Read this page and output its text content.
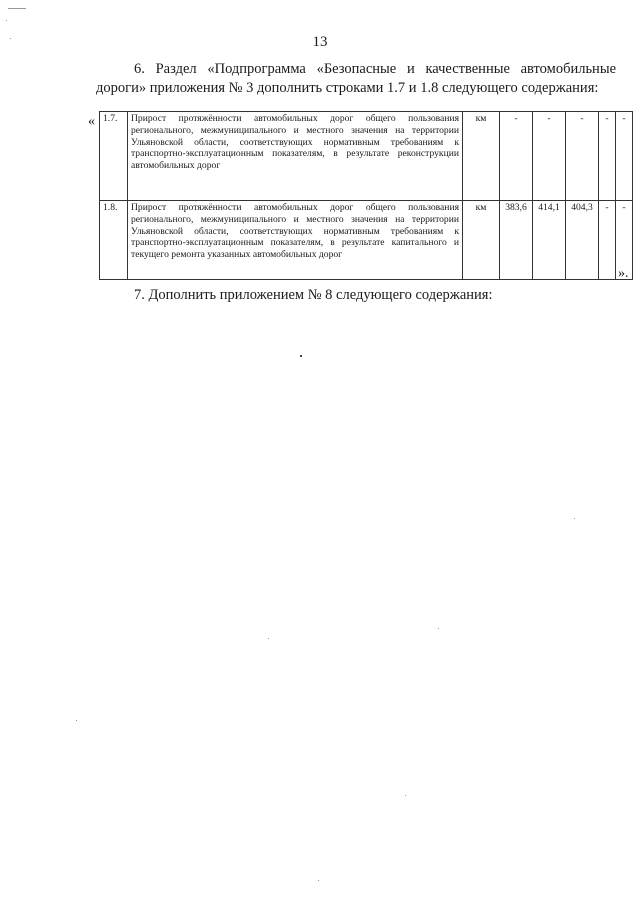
13
6. Раздел «Подпрограмма «Безопасные и качественные автомобильные дороги» приложения № 3 дополнить строками 1.7 и 1.8 следующего содержания:
« 1.7.	Прирост протяжённости автомобильных дорог общего пользования регионального, межмуниципального и местного значения на территории Ульяновской области, соответствующих нормативным требованиям к транспортно-эксплуатационным показателям, в результате реконструкции автомобильных дорог	км	-	-	-	-	-
1.8.	Прирост протяжённости автомобильных дорог общего пользования регионального, межмуниципального и местного значения на территории Ульяновской области, соответствующих нормативным требованиям к транспортно-эксплуатационным показателям, в результате капитального и текущего ремонта указанных автомобильных дорог	км	383,6	414,1	404,3	-	-
».
7. Дополнить приложением № 8 следующего содержания:
